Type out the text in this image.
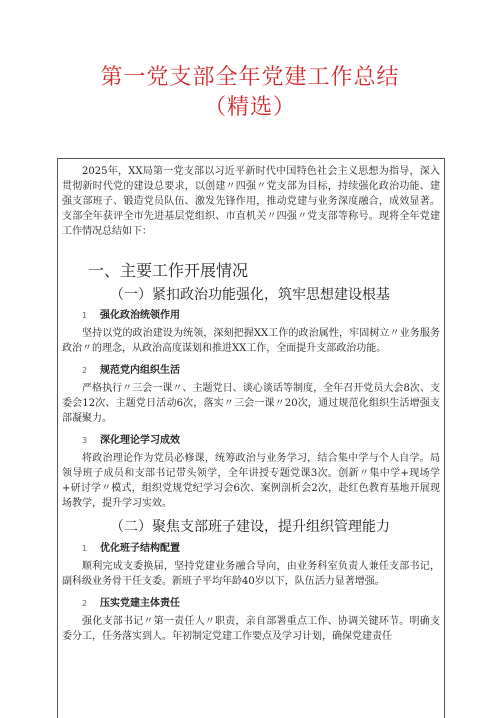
第一党支部全年党建工作总结
（精选）

2025年，XX局第一党支部以习近平新时代中国特色社会主义思想为指导，深入贯彻新时代党的建设总要求，以创建〃四强〃党支部为目标，持续强化政治功能、建强支部班子、锻造党员队伍、激发先锋作用，推动党建与业务深度融合，成效显著。支部全年获评全市先进基层党组织、市直机关〃四强〃党支部等称号。现将全年党建工作情况总结如下：

一、主要工作开展情况
（一）紧扣政治功能强化，筑牢思想建设根基
1 强化政治统领作用

坚持以党的政治建设为统领，深刻把握XX工作的政治属性，牢固树立〃业务服务政治〃的理念，从政治高度谋划和推进XX工作，全面提升支部政治功能。

2 规范党内组织生活

严格执行〃三会一课〃、主题党日、谈心谈话等制度，全年召开党员大会8次、支委会12次、主题党日活动6次，落实〃三会一课〃20次，通过规范化组织生活增强支部凝聚力。

3 深化理论学习成效

将政治理论作为党员必修课，统筹政治与业务学习，结合集中学与个人自学。局领导班子成员和支部书记带头领学，全年讲授专题党课3次。创新〃集中学+现场学+研讨学〃模式，组织党规党纪学习会6次、案例剖析会2次，赴红色教育基地开展现场教学，提升学习实效。

（二）聚焦支部班子建设，提升组织管理能力
1 优化班子结构配置

顺利完成支委换届，坚持党建业务融合导向，由业务科室负责人兼任支部书记，副科级业务骨干任支委。新班子平均年龄40岁以下，队伍活力显著增强。

2 压实党建主体责任

强化支部书记〃第一责任人〃职责，亲自部署重点工作、协调关键环节。明确支委分工，任务落实到人。年初制定党建工作要点及学习计划，确保党建责任
